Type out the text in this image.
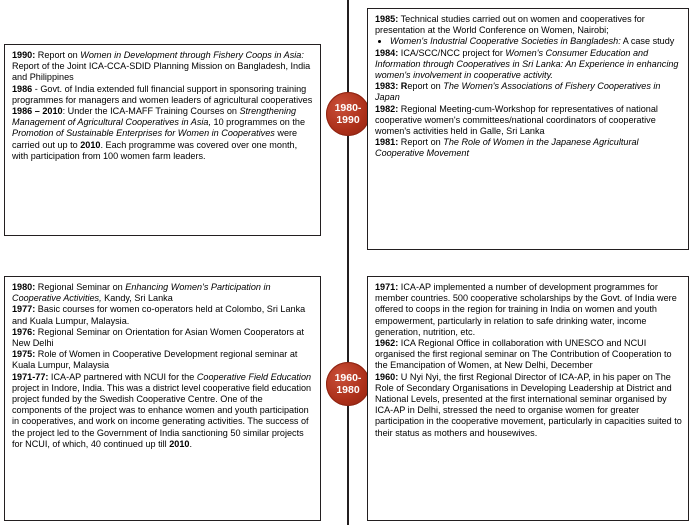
1980-
1990
1960-
1980

1990: Report on Women in Development through Fishery Coops in Asia: Report of the Joint ICA-CCA-SDID Planning Mission on Bangladesh, India and Philippines

1986 - Govt. of India extended full financial support in sponsoring training programmes for managers and women leaders of agricultural cooperatives

1986 – 2010: Under the ICA-MAFF Training Courses on Strengthening Management of Agricultural Cooperatives in Asia, 10 programmes on the Promotion of Sustainable Enterprises for Women in Cooperatives were carried out up to 2010. Each programme was covered over one month, with participation from 100 women farm leaders.

1985: Technical studies carried out on women and cooperatives for presentation at the World Conference on Women, Nairobi;

• Women's Industrial Cooperative Societies in Bangladesh: A case study

1984: ICA/SCC/NCC project for Women's Consumer Education and Information through Cooperatives in Sri Lanka: An Experience in enhancing women's involvement in cooperative activity.

1983: Report on The Women's Associations of Fishery Cooperatives in Japan

1982: Regional Meeting-cum-Workshop for representatives of national cooperative women's committees/national coordinators of cooperative women's activities held in Galle, Sri Lanka

1981: Report on The Role of Women in the Japanese Agricultural Cooperative Movement

1980: Regional Seminar on Enhancing Women's Participation in Cooperative Activities, Kandy, Sri Lanka

1977: Basic courses for women co-operators held at Colombo, Sri Lanka and Kuala Lumpur, Malaysia.

1976: Regional Seminar on Orientation for Asian Women Cooperators at New Delhi

1975: Role of Women in Cooperative Development regional seminar at Kuala Lumpur, Malaysia

1971-77: ICA-AP partnered with NCUI for the Cooperative Field Education project in Indore, India. This was a district level cooperative field education project funded by the Swedish Cooperative Centre. One of the components of the project was to enhance women and youth participation in cooperatives, and work on income generating activities. The success of the project led to the Government of India sanctioning 50 similar projects for NCUI, of which, 40 continued up till 2010.

1971: ICA-AP implemented a number of development programmes for member countries. 500 cooperative scholarships by the Govt. of India were offered to coops in the region for training in India on women and youth empowerment, particularly in relation to safe drinking water, income generation, nutrition, etc.

1962: ICA Regional Office in collaboration with UNESCO and NCUI organised the first regional seminar on The Contribution of Cooperation to the Emancipation of Women, at New Delhi, December

1960: U Nyi Nyi, the first Regional Director of ICA-AP, in his paper on The Role of Secondary Organisations in Developing Leadership at District and National Levels, presented at the first international seminar organised by ICA-AP in Delhi, stressed the need to organise women for greater participation in the cooperative movement, particularly in capacities suited to their status as mothers and housewives.
